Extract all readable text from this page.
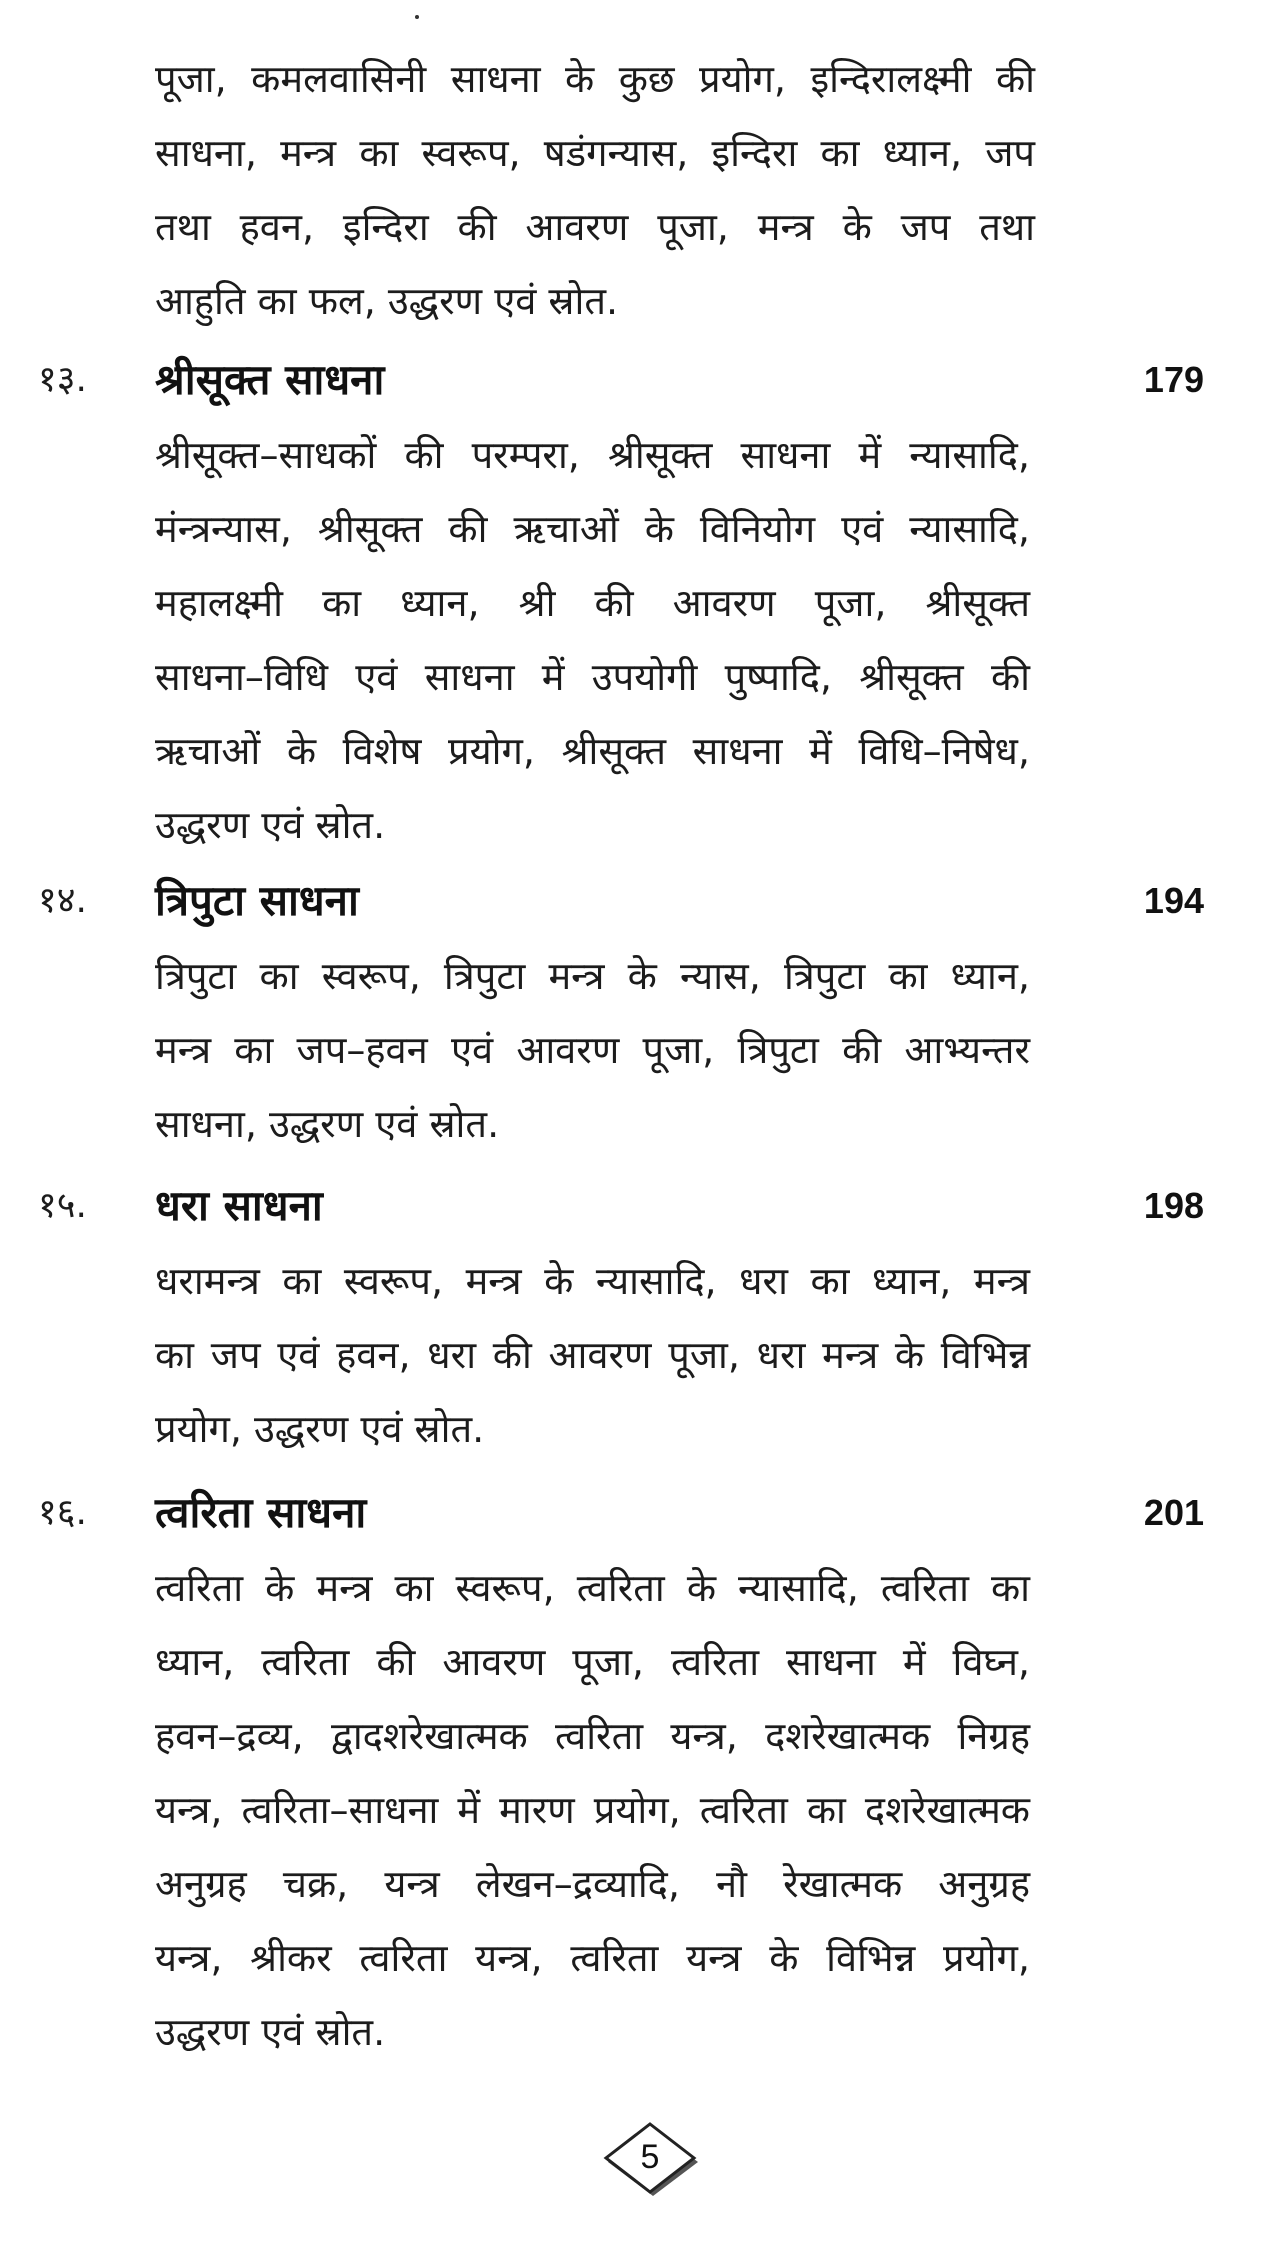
पूजा, कमलवासिनी साधना के कुछ प्रयोग, इन्दिरालक्ष्मी की
साधना, मन्त्र का स्वरूप, षडंगन्यास, इन्दिरा का ध्यान, जप
तथा हवन, इन्दिरा की आवरण पूजा, मन्त्र के जप तथा
आहुति का फल, उद्धरण एवं स्रोत.
१३. श्रीसूक्त साधना	179
श्रीसूक्त–साधकों की परम्परा, श्रीसूक्त साधना में न्यासादि,
मंन्त्रन्यास, श्रीसूक्त की ऋचाओं के विनियोग एवं न्यासादि,
महालक्ष्मी का ध्यान, श्री की आवरण पूजा, श्रीसूक्त
साधना–विधि एवं साधना में उपयोगी पुष्पादि, श्रीसूक्त की
ऋचाओं के विशेष प्रयोग, श्रीसूक्त साधना में विधि–निषेध,
उद्धरण एवं स्रोत.
१४. त्रिपुटा साधना	194
त्रिपुटा का स्वरूप, त्रिपुटा मन्त्र के न्यास, त्रिपुटा का ध्यान,
मन्त्र का जप–हवन एवं आवरण पूजा, त्रिपुटा की आभ्यन्तर
साधना, उद्धरण एवं स्रोत.
१५. धरा साधना	198
धरामन्त्र का स्वरूप, मन्त्र के न्यासादि, धरा का ध्यान, मन्त्र
का जप एवं हवन, धरा की आवरण पूजा, धरा मन्त्र के विभिन्न
प्रयोग, उद्धरण एवं स्रोत.
१६. त्वरिता साधना	201
त्वरिता के मन्त्र का स्वरूप, त्वरिता के न्यासादि, त्वरिता का
ध्यान, त्वरिता की आवरण पूजा, त्वरिता साधना में विघ्न,
हवन–द्रव्य, द्वादशरेखात्मक त्वरिता यन्त्र, दशरेखात्मक निग्रह
यन्त्र, त्वरिता–साधना में मारण प्रयोग, त्वरिता का दशरेखात्मक
अनुग्रह चक्र, यन्त्र लेखन–द्रव्यादि, नौ रेखात्मक अनुग्रह
यन्त्र, श्रीकर त्वरिता यन्त्र, त्वरिता यन्त्र के विभिन्न प्रयोग,
उद्धरण एवं स्रोत.
5
